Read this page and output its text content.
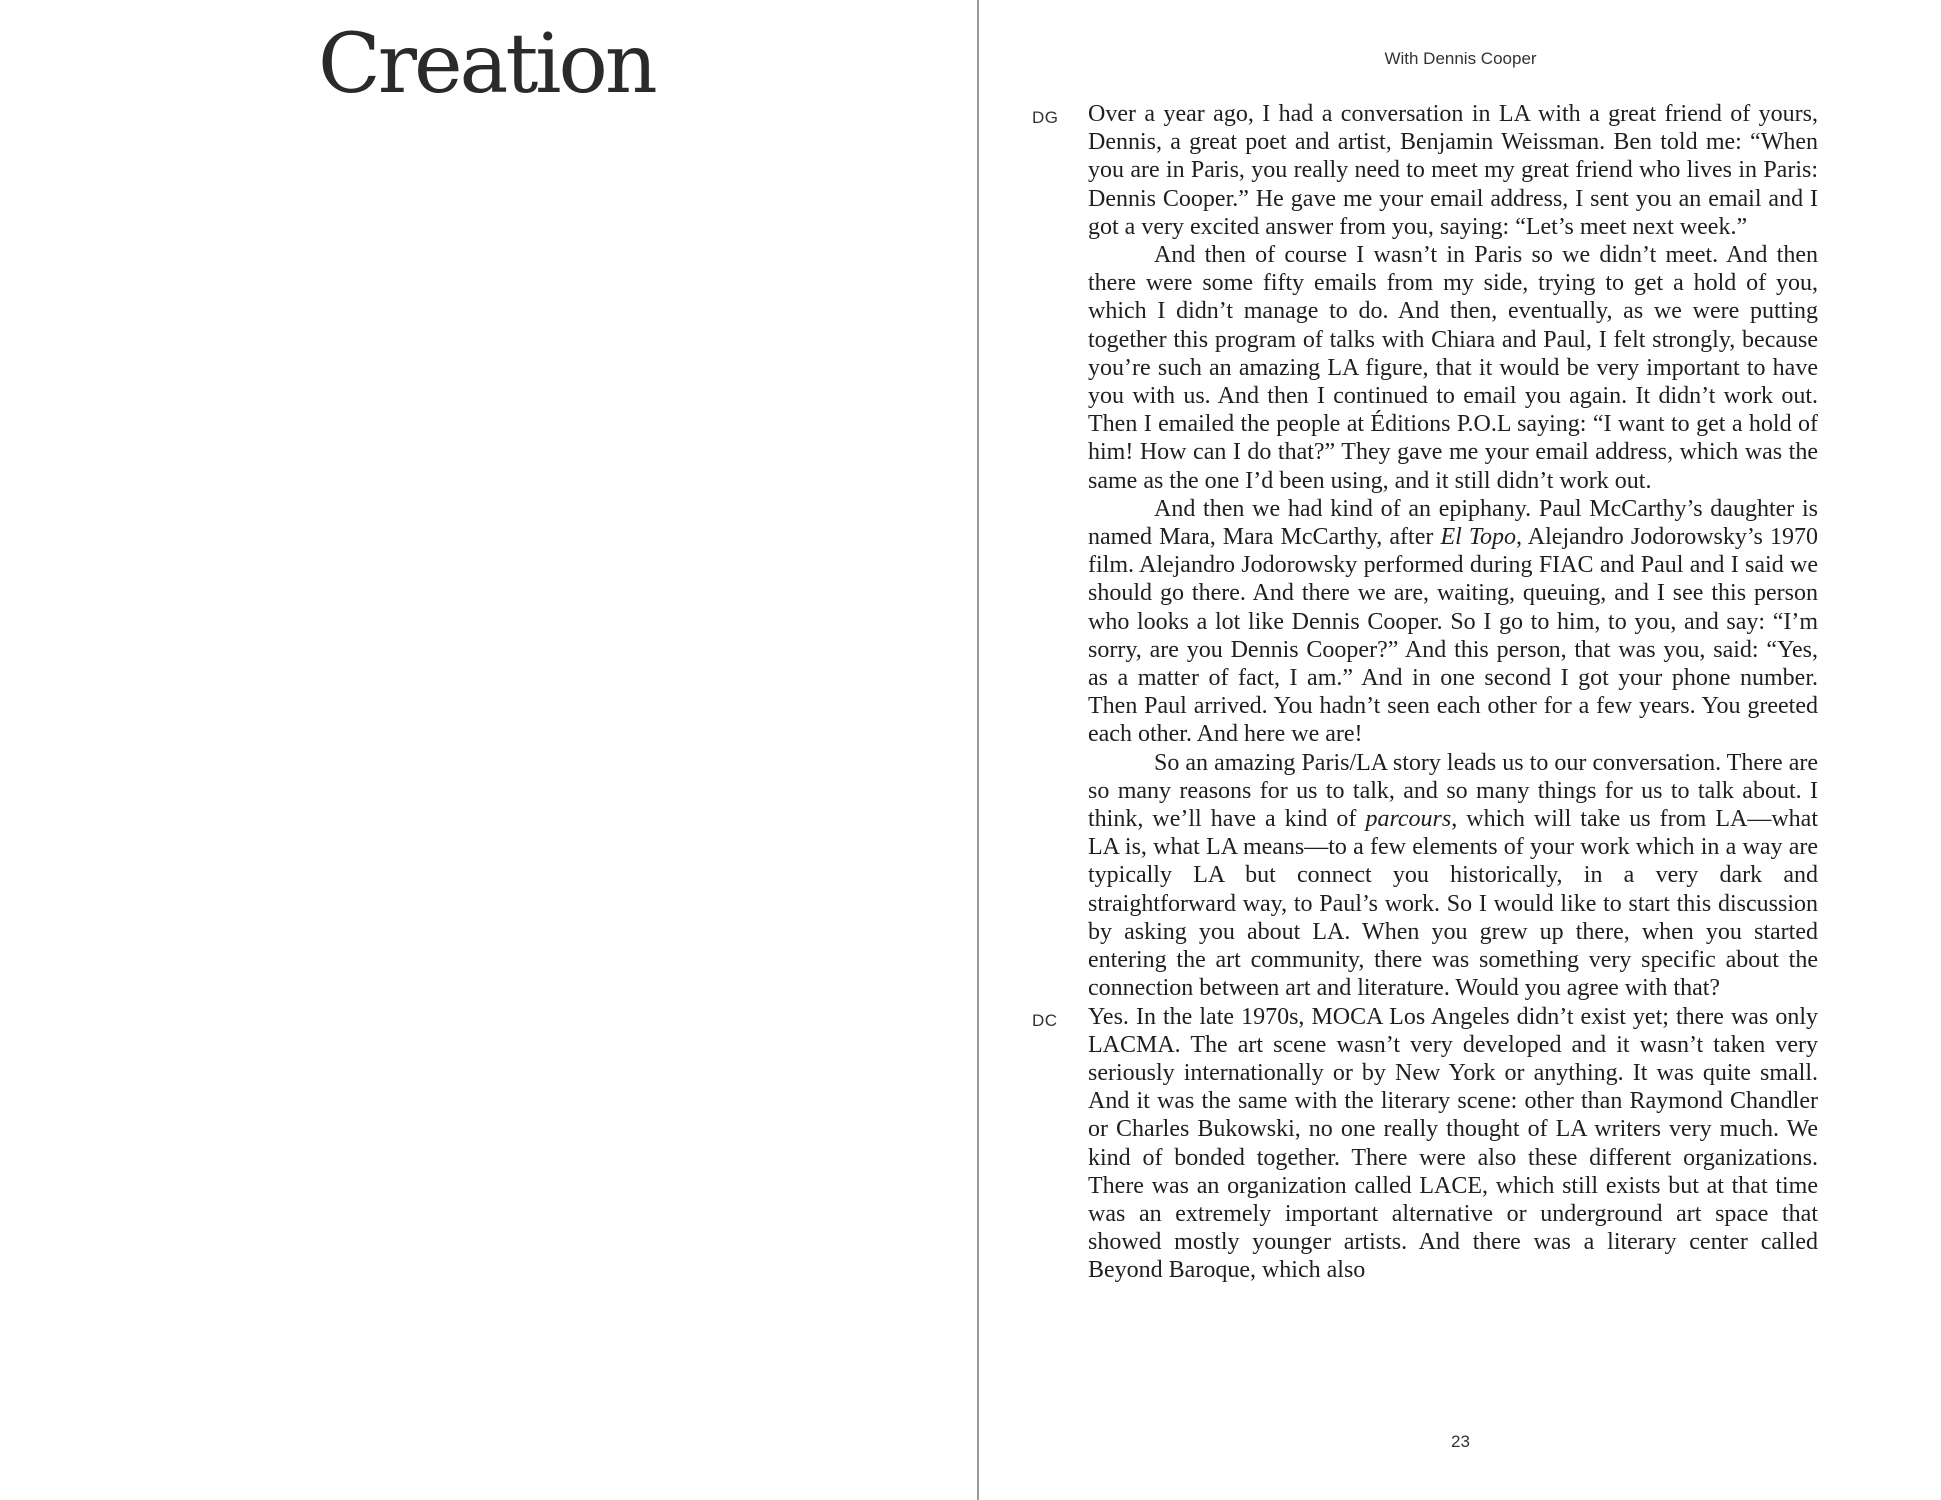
Creation	With Dennis Cooper
DG Over a year ago, I had a conversation in LA with a great friend of yours, Dennis, a great poet and artist, Benjamin Weissman. Ben told me: “When you are in Paris, you really need to meet my great friend who lives in Paris: Dennis Cooper.” He gave me your email address, I sent you an email and I got a very excited answer from you, saying: “Let’s meet next week.”

And then of course I wasn’t in Paris so we didn’t meet. And then there were some fifty emails from my side, trying to get a hold of you, which I didn’t manage to do. And then, eventually, as we were putting together this program of talks with Chiara and Paul, I felt strongly, because you’re such an amazing LA figure, that it would be very important to have you with us. And then I continued to email you again. It didn’t work out. Then I emailed the people at Éditions P.O.L saying: “I want to get a hold of him! How can I do that?” They gave me your email address, which was the same as the one I’d been using, and it still didn’t work out.

And then we had kind of an epiphany. Paul McCarthy’s daughter is named Mara, Mara McCarthy, after El Topo, Alejandro Jodorowsky’s 1970 film. Alejandro Jodorowsky performed during FIAC and Paul and I said we should go there. And there we are, waiting, queuing, and I see this person who looks a lot like Dennis Cooper. So I go to him, to you, and say: “I’m sorry, are you Dennis Cooper?” And this person, that was you, said: “Yes, as a matter of fact, I am.” And in one second I got your phone number. Then Paul arrived. You hadn’t seen each other for a few years. You greeted each other. And here we are!

So an amazing Paris/LA story leads us to our conversation. There are so many reasons for us to talk, and so many things for us to talk about. I think, we’ll have a kind of parcours, which will take us from LA—what LA is, what LA means—to a few elements of your work which in a way are typically LA but connect you historically, in a very dark and straightforward way, to Paul’s work. So I would like to start this discussion by asking you about LA. When you grew up there, when you started entering the art community, there was something very specific about the connection between art and literature. Would you agree with that?

DC Yes. In the late 1970s, MOCA Los Angeles didn’t exist yet; there was only LACMA. The art scene wasn’t very developed and it wasn’t taken very seriously internationally or by New York or anything. It was quite small. And it was the same with the literary scene: other than Raymond Chandler or Charles Bukowski, no one really thought of LA writers very much. We kind of bonded together. There were also these different organizations. There was an organization called LACE, which still exists but at that time was an extremely important alternative or underground art space that showed mostly younger artists. And there was a literary center called Beyond Baroque, which also

23
